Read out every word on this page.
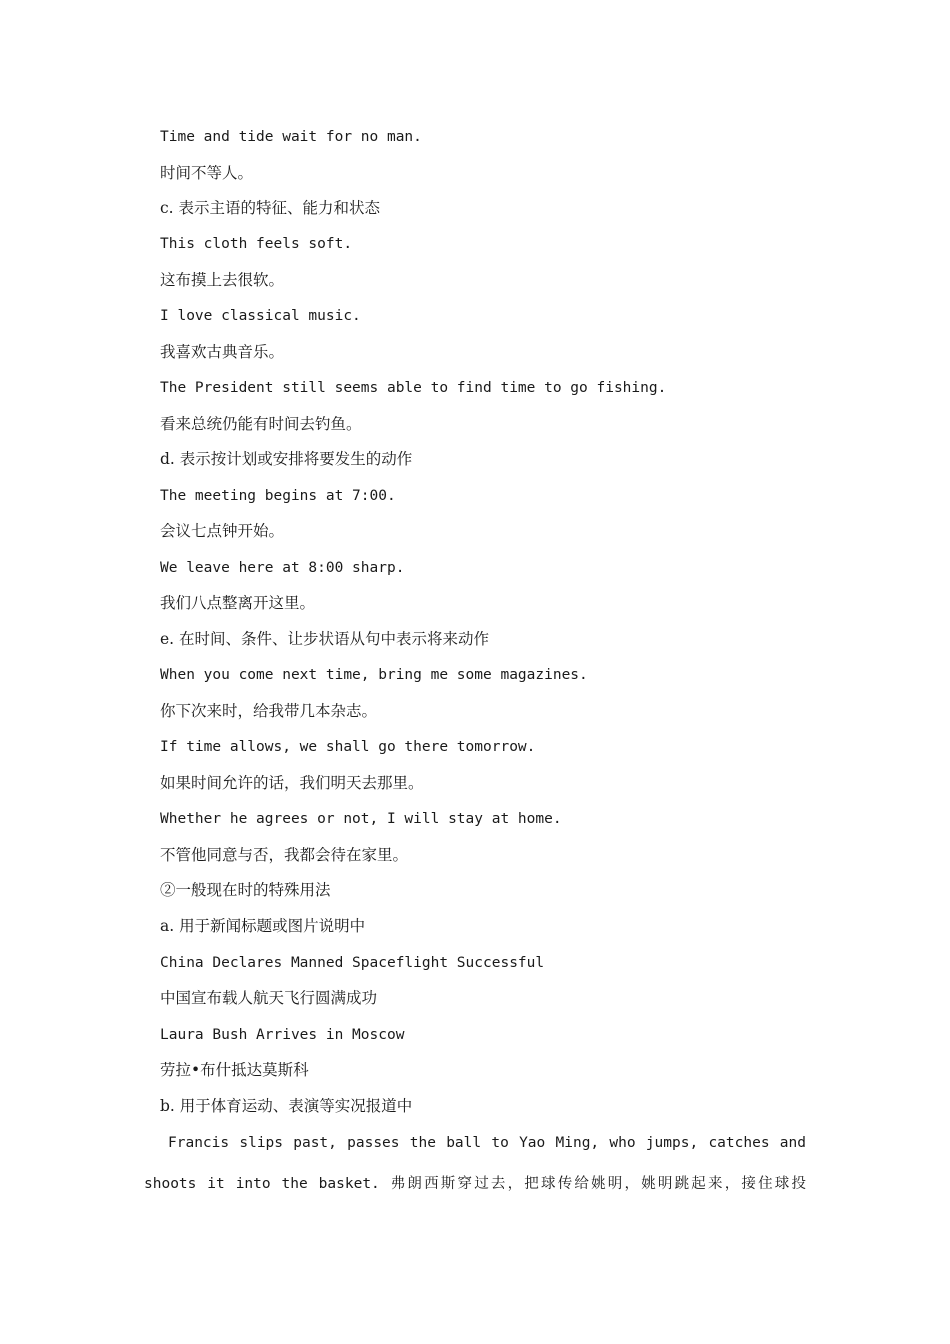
Time and tide wait for no man.
时间不等人。
c. 表示主语的特征、能力和状态
This cloth feels soft.
这布摸上去很软。
I love classical music.
我喜欢古典音乐。
The President still seems able to find time to go fishing.
看来总统仍能有时间去钓鱼。
d. 表示按计划或安排将要发生的动作
The meeting begins at 7:00.
会议七点钟开始。
We leave here at 8:00 sharp.
我们八点整离开这里。
e. 在时间、条件、让步状语从句中表示将来动作
When you come next time, bring me some magazines.
你下次来时，给我带几本杂志。
If time allows, we shall go there tomorrow.
如果时间允许的话，我们明天去那里。
Whether he agrees or not, I will stay at home.
不管他同意与否，我都会待在家里。
②一般现在时的特殊用法
a. 用于新闻标题或图片说明中
China Declares Manned Spaceflight Successful
中国宣布载人航天飞行圆满成功
Laura Bush Arrives in Moscow
劳拉•布什抵达莫斯科
b. 用于体育运动、表演等实况报道中
Francis slips past, passes the ball to Yao Ming, who jumps, catches and
shoots it into the basket. 弗朗西斯穿过去，把球传给姚明，姚明跳起来，接住球投
